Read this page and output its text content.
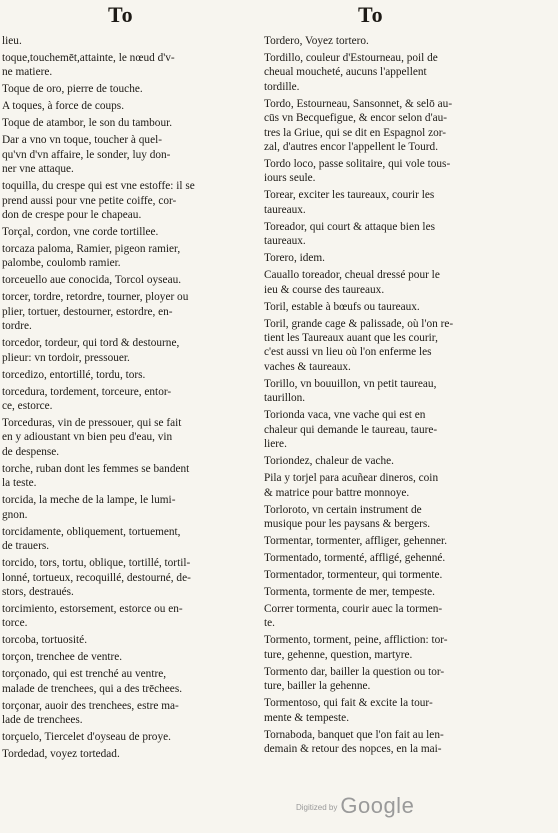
To	To
lieu.
toque,touchemēt,attainte, le nœud d'v-
ne matiere.
Toque de oro, pierre de touche.
A toques, à force de coups.
Toque de atambor, le son du tambour.
Dar a vno vn toque, toucher à quel-
qu'vn d'vn affaire, le sonder, luy don-
ner vne attaque.
toquilla, du crespe qui est vne estoffe: il se
prend aussi pour vne petite coiffe, cor-
don de crespe pour le chapeau.
Torçal, cordon, vne corde tortillee.
torcaza paloma, Ramier, pigeon ramier,
palombe, coulomb ramier.
torceuello aue conocida, Torcol oyseau.
torcer, tordre, retordre, tourner, ployer ou
plier, tortuer, destourner, estordre, en-
tordre.
torcedor, tordeur, qui tord & destourne,
plieur: vn tordoir, pressouer.
torcedizo, entortillé, tordu, tors.
torcedura, tordement, torceure, entor-
ce, estorce.
Torceduras, vin de pressouer, qui se fait
en y adioustant vn bien peu d'eau, vin
de despense.
torche, ruban dont les femmes se bandent
la teste.
torcida, la meche de la lampe, le lumi-
gnon.
torcidamente, obliquement, tortuement,
de trauers.
torcido, tors, tortu, oblique, tortillé, tortil-
lonné, tortueux, recoquillé, destourné, de-
stors, destraués.
torcimiento, estorsement, estorce ou en-
torce.
torcoba, tortuosité.
torçon, trenchee de ventre.
torçonado, qui est trenché au ventre,
malade de trenchees, qui a des trēchees.
torçonar, auoir des trenchees, estre ma-
lade de trenchees.
torçuelo, Tiercelet d'oyseau de proye.
Tordedad, voyez tortedad.
Tordero, Voyez tortero.
Tordillo, couleur d'Estourneau, poil de
cheual moucheté, aucuns l'appellent
tordille.
Tordo, Estourneau, Sansonnet, & selō au-
cūs vn Becquefigue, & encor selon d'au-
tres la Griue, qui se dit en Espagnol zor-
zal, d'autres encor l'appellent le Tourd.
Tordo loco, passe solitaire, qui vole tous-
iours seule.
Torear, exciter les taureaux, courir les
taureaux.
Toreador, qui court & attaque bien les
taureaux.
Torero, idem.
Cauallo toreador, cheual dressé pour le
ieu & course des taureaux.
Toril, estable à bœufs ou taureaux.
Toril, grande cage & palissade, où l'on re-
tient les Taureaux auant que les courir,
c'est aussi vn lieu où l'on enferme les
vaches & taureaux.
Torillo, vn bouuillon, vn petit taureau,
taurillon.
Torionda vaca, vne vache qui est en
chaleur qui demande le taureau, taure-
liere.
Toriondez, chaleur de vache.
Pila y torjel para acuñear dineros, coin
& matrice pour battre monnoye.
Torloroto, vn certain instrument de
musique pour les paysans & bergers.
Tormentar, tormenter, affliger, gehenner.
Tormentado, tormenté, affligé, gehenné.
Tormentador, tormenteur, qui tormente.
Tormenta, tormente de mer, tempeste.
Correr tormenta, courir auec la tormen-
te.
Tormento, torment, peine, affliction: tor-
ture, gehenne, question, martyre.
Tormento dar, bailler la question ou tor-
ture, bailler la gehenne.
Tormentoso, qui fait & excite la tour-
mente & tempeste.
Tornaboda, banquet que l'on fait au len-
demain & retour des nopces, en la mai-
Digitized by Google
